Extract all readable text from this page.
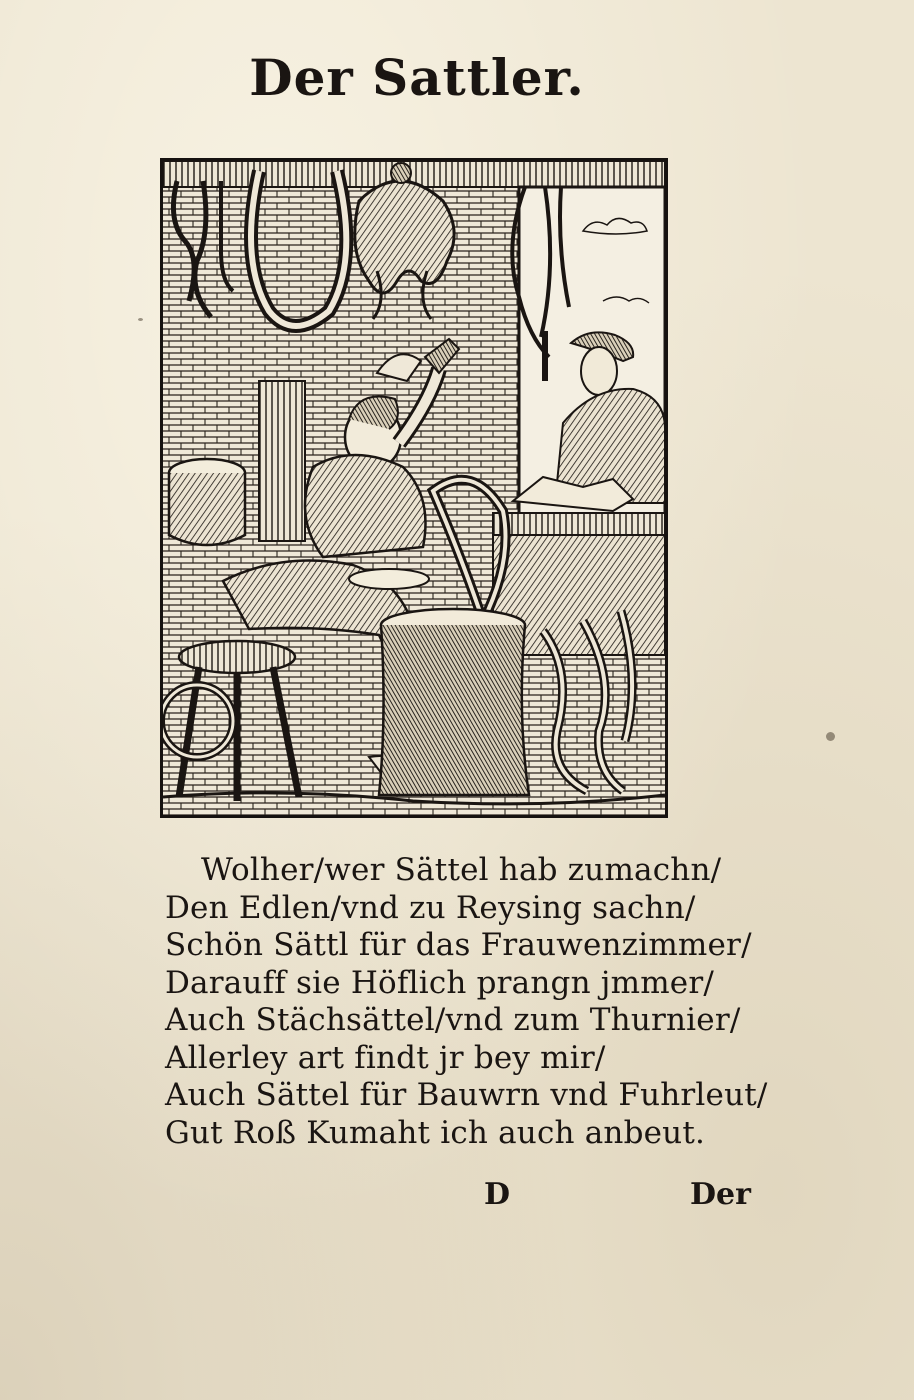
Der Sattler.
Wolher/wer Sättel hab zumachn/
Den Edlen/vnd zu Reysing sachn/
Schön Sättl für das Frauwenzimmer/
Darauff sie Höflich prangn jmmer/
Auch Stächsättel/vnd zum Thurnier/
Allerley art findt jr bey mir/
Auch Sättel für Bauwrn vnd Fuhrleut/
Gut Roß Kumaht ich auch anbeut.
D	Der
